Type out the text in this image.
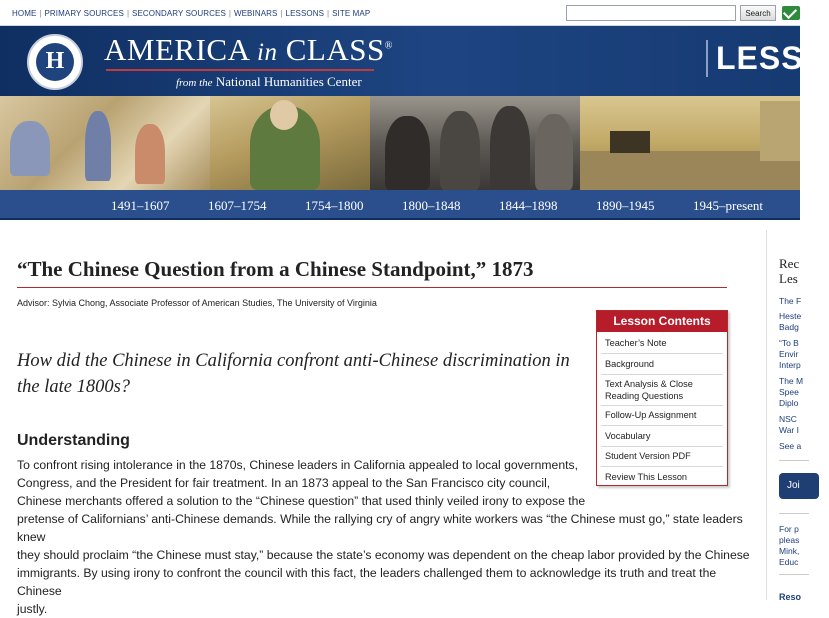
HOME | PRIMARY SOURCES | SECONDARY SOURCES | WEBINARS | LESSONS | SITE MAP	Search
H	AMERICA in CLASS®
from the National Humanities Center
LESSO
1491–1607	1607–1754	1754–1800	1800–1848	1844–1898	1890–1945	1945–present
“The Chinese Question from a Chinese Standpoint,” 1873
Advisor: Sylvia Chong, Associate Professor of American Studies, The University of Virginia
How did the Chinese in California confront anti-Chinese discrimination in the late 1800s?
Understanding
To confront rising intolerance in the 1870s, Chinese leaders in California appealed to local governments,
Congress, and the President for fair treatment. In an 1873 appeal to the San Francisco city council,
Chinese merchants offered a solution to the “Chinese question” that used thinly veiled irony to expose the
pretense of Californians’ anti-Chinese demands. While the rallying cry of angry white workers was “the Chinese must go,” state leaders knew
they should proclaim “the Chinese must stay,” because the state’s economy was dependent on the cheap labor provided by the Chinese
immigrants. By using irony to confront the council with this fact, the leaders challenged them to acknowledge its truth and treat the Chinese
justly.
Lesson Contents
Teacher’s Note
Background
Text Analysis & Close Reading Questions
Follow-Up Assignment
Vocabulary
Student Version PDF
Review This Lesson
Rec
Les
The F
Heste
Badg
“To B
Envir
Interp
The M
Spee
Diplo
NSC
War I
See a
Joi
For p
pleas
Mink,
Educ
Reso
